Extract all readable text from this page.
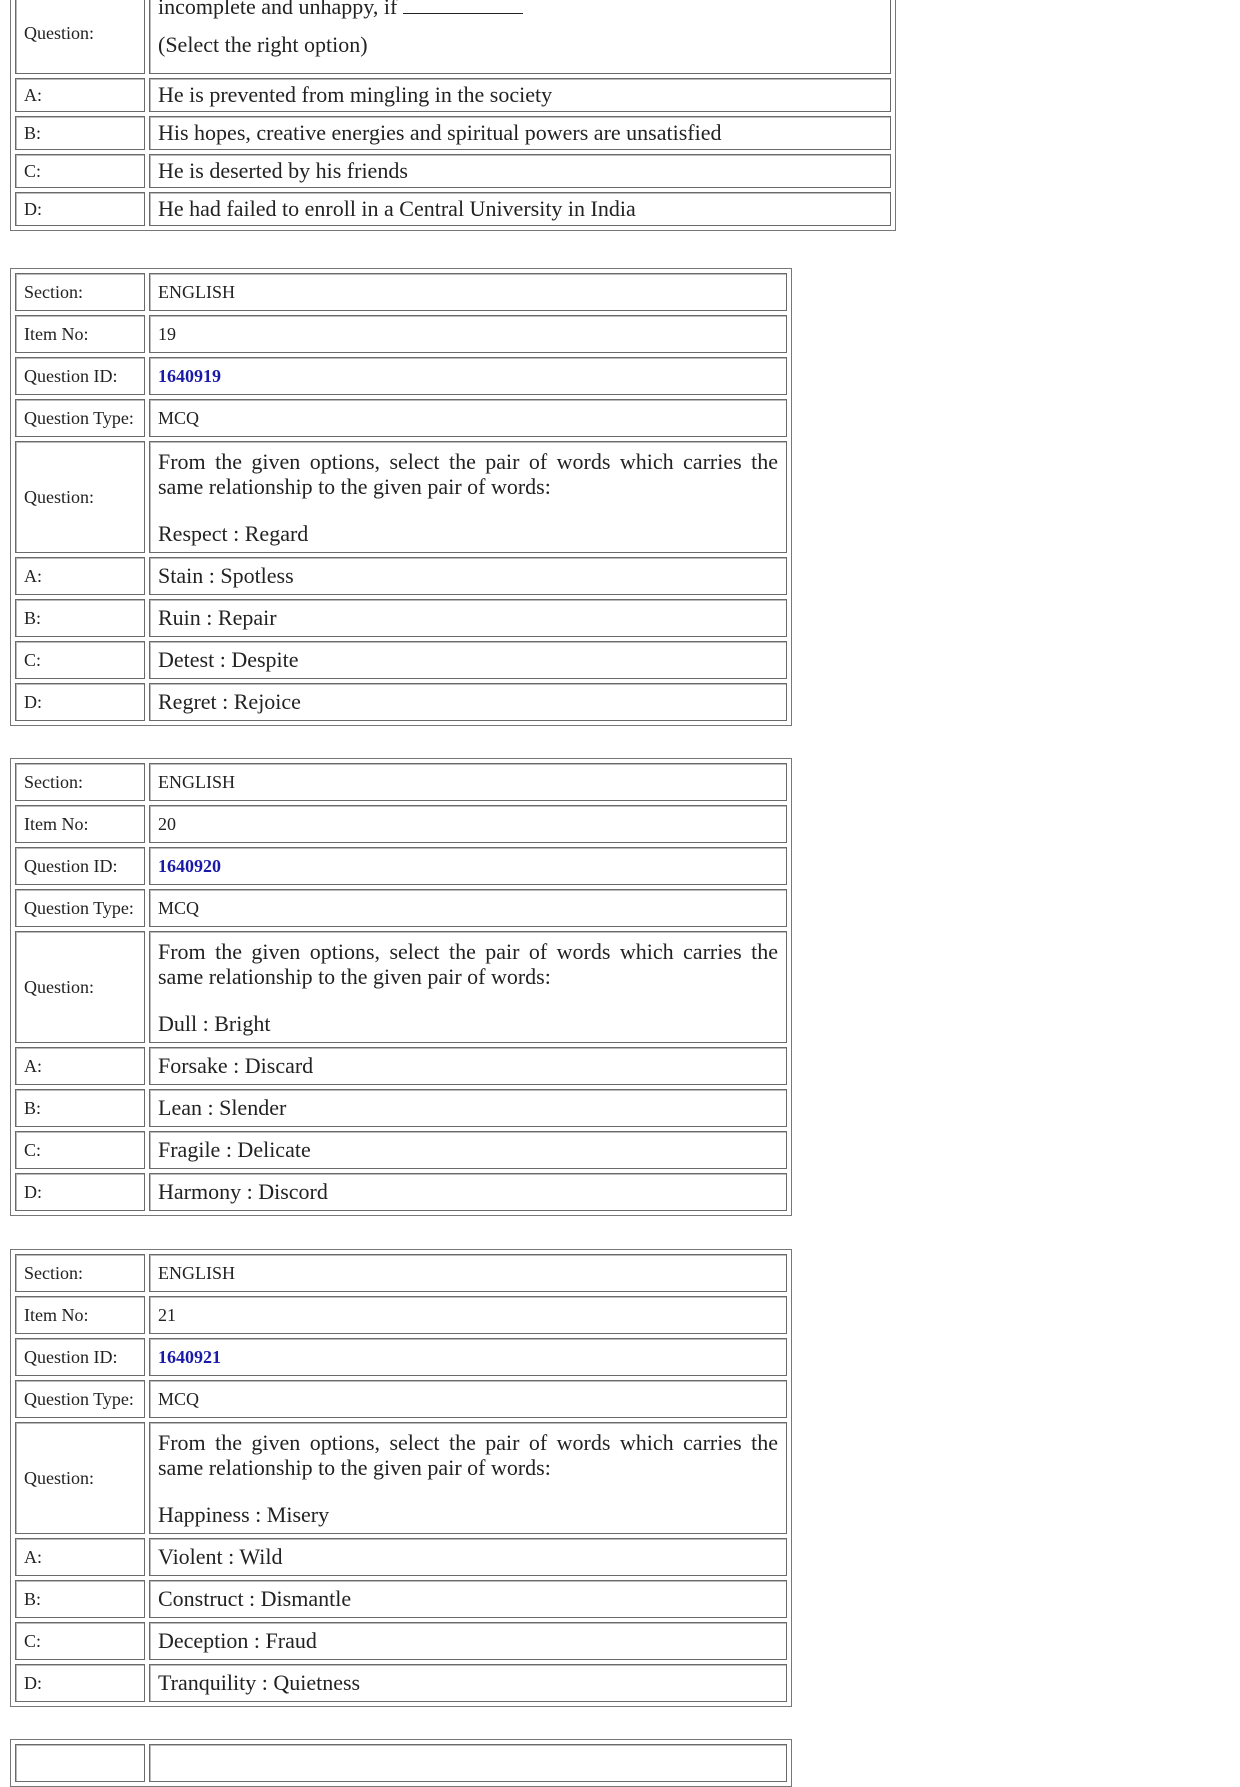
Question:	incomplete and unhappy, if
(Select the right option)

A:	He is prevented from mingling in the society
B:	His hopes, creative energies and spiritual powers are unsatisfied
C:	He is deserted by his friends
D:	He had failed to enroll in a Central University in India
Section:	ENGLISH
Item No:	19
Question ID:	1640919
Question Type:	MCQ
Question:	From the given options, select the pair of words which carries the same relationship to the given pair of words:
Respect : Regard

A:	Stain : Spotless
B:	Ruin : Repair
C:	Detest : Despite
D:	Regret : Rejoice
Section:	ENGLISH
Item No:	20
Question ID:	1640920
Question Type:	MCQ
Question:	From the given options, select the pair of words which carries the same relationship to the given pair of words:
Dull : Bright

A:	Forsake : Discard
B:	Lean : Slender
C:	Fragile : Delicate
D:	Harmony : Discord
Section:	ENGLISH
Item No:	21
Question ID:	1640921
Question Type:	MCQ
Question:	From the given options, select the pair of words which carries the same relationship to the given pair of words:
Happiness : Misery

A:	Violent : Wild
B:	Construct : Dismantle
C:	Deception : Fraud
D:	Tranquility : Quietness
